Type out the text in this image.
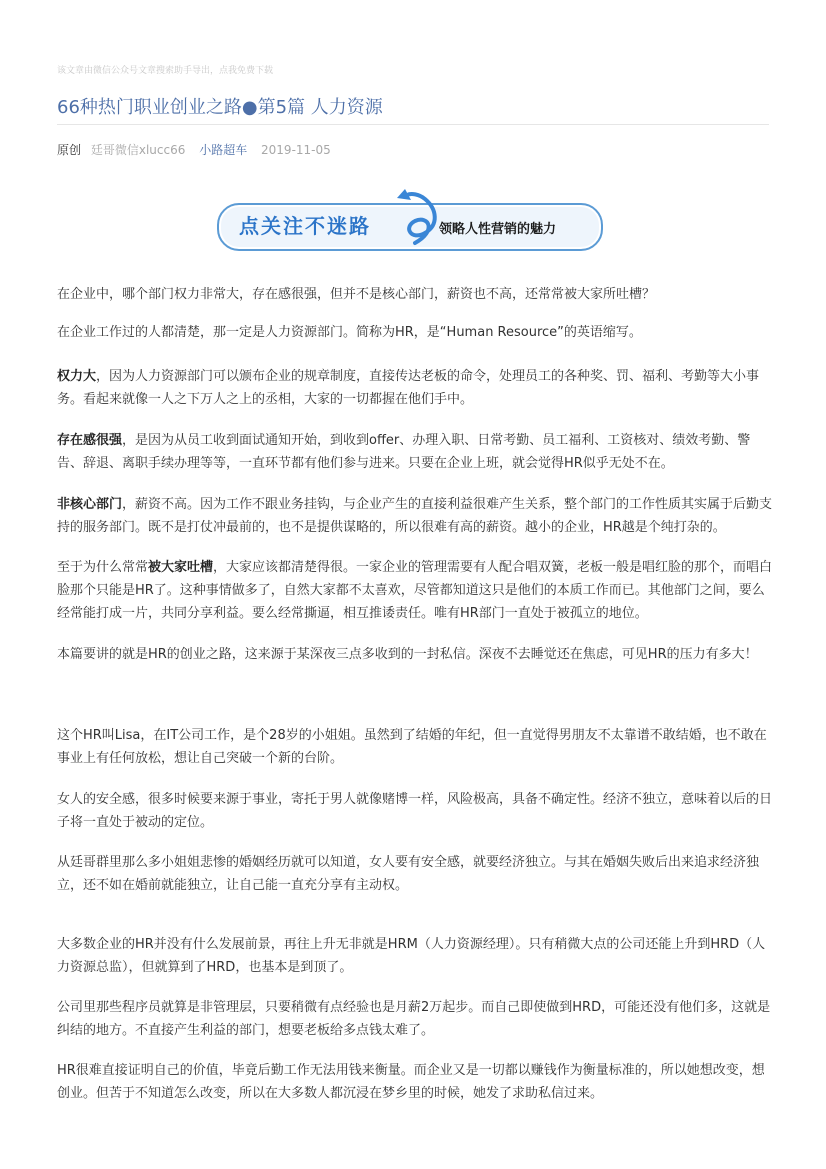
该文章由微信公众号文章搜索助手导出，点我免费下载
66种热门职业创业之路●第5篇 人力资源
原创 廷哥微信xlucc66 小路超车 2019-11-05
点关注不迷路	领略人性营销的魅力

在企业中，哪个部门权力非常大，存在感很强，但并不是核心部门，薪资也不高，还常常被大家所吐槽？

在企业工作过的人都清楚，那一定是人力资源部门。简称为HR，是“Human Resource”的英语缩写。

权力大，因为人力资源部门可以颁布企业的规章制度，直接传达老板的命令，处理员工的各种奖、罚、福利、考勤等大小事务。看起来就像一人之下万人之上的丞相，大家的一切都握在他们手中。

存在感很强，是因为从员工收到面试通知开始，到收到offer、办理入职、日常考勤、员工福利、工资核对、绩效考勤、警告、辞退、离职手续办理等等，一直环节都有他们参与进来。只要在企业上班，就会觉得HR似乎无处不在。

非核心部门，薪资不高。因为工作不跟业务挂钩，与企业产生的直接利益很难产生关系，整个部门的工作性质其实属于后勤支持的服务部门。既不是打仗冲最前的，也不是提供谋略的，所以很难有高的薪资。越小的企业，HR越是个纯打杂的。

至于为什么常常被大家吐槽，大家应该都清楚得很。一家企业的管理需要有人配合唱双簧，老板一般是唱红脸的那个，而唱白脸那个只能是HR了。这种事情做多了，自然大家都不太喜欢，尽管都知道这只是他们的本质工作而已。其他部门之间，要么经常能打成一片，共同分享利益。要么经常撕逼，相互推诿责任。唯有HR部门一直处于被孤立的地位。

本篇要讲的就是HR的创业之路，这来源于某深夜三点多收到的一封私信。深夜不去睡觉还在焦虑，可见HR的压力有多大！

这个HR叫Lisa，在IT公司工作，是个28岁的小姐姐。虽然到了结婚的年纪，但一直觉得男朋友不太靠谱不敢结婚，也不敢在事业上有任何放松，想让自己突破一个新的台阶。

女人的安全感，很多时候要来源于事业，寄托于男人就像赌博一样，风险极高，具备不确定性。经济不独立，意味着以后的日子将一直处于被动的定位。

从廷哥群里那么多小姐姐悲惨的婚姻经历就可以知道，女人要有安全感，就要经济独立。与其在婚姻失败后出来追求经济独立，还不如在婚前就能独立，让自己能一直充分享有主动权。

大多数企业的HR并没有什么发展前景，再往上升无非就是HRM（人力资源经理）。只有稍微大点的公司还能上升到HRD（人力资源总监），但就算到了HRD，也基本是到顶了。

公司里那些程序员就算是非管理层，只要稍微有点经验也是月薪2万起步。而自己即使做到HRD，可能还没有他们多，这就是纠结的地方。不直接产生利益的部门，想要老板给多点钱太难了。

HR很难直接证明自己的价值，毕竟后勤工作无法用钱来衡量。而企业又是一切都以赚钱作为衡量标准的，所以她想改变，想创业。但苦于不知道怎么改变，所以在大多数人都沉浸在梦乡里的时候，她发了求助私信过来。
